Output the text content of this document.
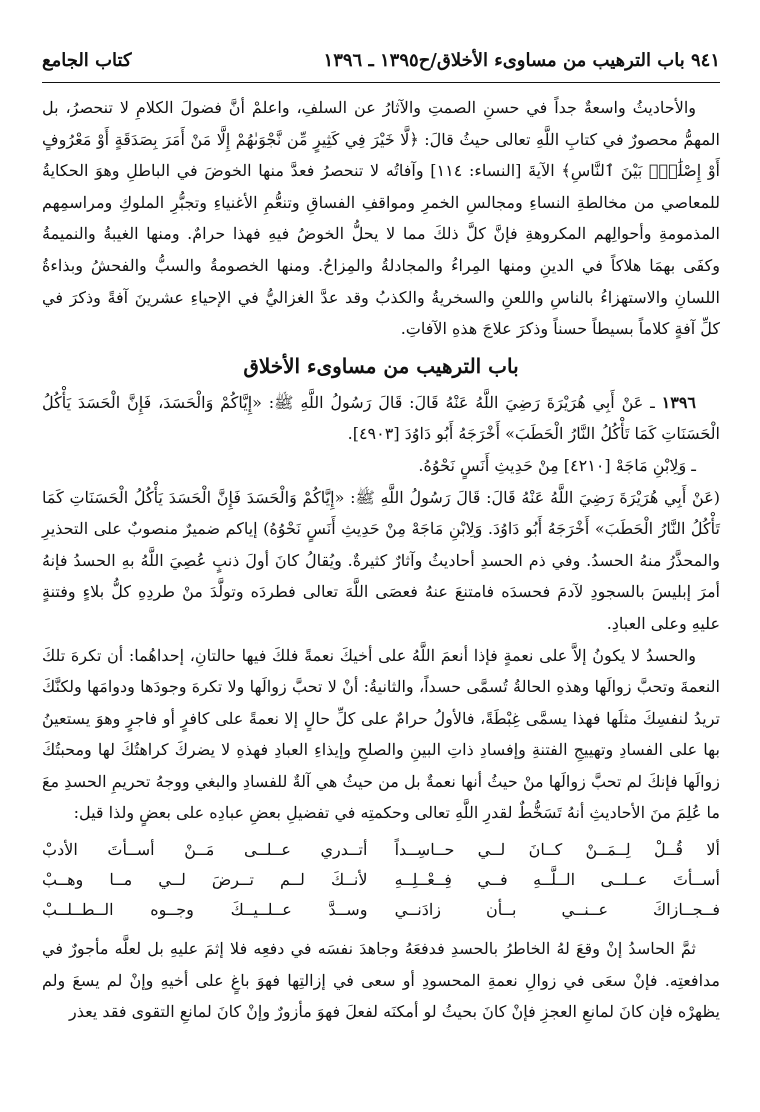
٩٤١ باب الترهيب من مساوىء الأخلاق/ح١٣٩٥ ـ ١٣٩٦
كتاب الجامع

والأحاديثُ واسعةٌ جداً في حسنِ الصمتِ والآثارُ عن السلفِ، واعلمْ أنَّ فضولَ الكلامِ لا تنحصرُ، بل المهمُّ محصورٌ في كتابِ اللَّهِ تعالى حيثُ قالَ: ﴿لَّا خَيْرَ فِي كَثِيرٍ مِّن نَّجْوَىٰهُمْ إِلَّا مَنْ أَمَرَ بِصَدَقَةٍ أَوْ مَعْرُوفٍ أَوْ إِصْلَٰحٍۭ بَيْنَ ٱلنَّاسِ﴾ الآيةَ [النساء: ١١٤] وآفاتُه لا تنحصرُ فعدَّ منها الخوضَ في الباطلِ وهوَ الحكايةُ للمعاصي من مخالطةِ النساءِ ومجالسِ الخمرِ ومواقفِ الفساقِ وتنعُّمِ الأغنياءِ وتجبُّرِ الملوكِ ومراسمِهم المذمومةِ وأحوالِهم المكروهةِ فإنَّ كلَّ ذلكَ مما لا يحلُّ الخوضُ فيهِ فهذا حرامٌ. ومنها الغيبةُ والنميمةُ وكفَى بهمَا هلاكاً في الدينِ ومنها المِراءُ والمجادلةُ والمِزاحُ. ومنها الخصومةُ والسبُّ والفحشُ وبذاءةُ اللسانِ والاستهزاءُ بالناسِ واللعنِ والسخريةُ والكذبُ وقد عدَّ الغزاليُّ في الإحياءِ عشرينَ آفةً وذكرَ في كلِّ آفةٍ كلاماً بسيطاً حسناً وذكرَ علاجَ هذهِ الآفاتِ.

باب الترهيب من مساوىء الأخلاق

١٣٩٦ ـ عَنْ أَبِي هُرَيْرَةَ رَضِيَ اللَّهُ عَنْهُ قَالَ: قَالَ رَسُولُ اللَّهِ ﷺ: «إِيَّاكُمْ وَالْحَسَدَ، فَإِنَّ الْحَسَدَ يَأْكُلُ الْحَسَنَاتِ كَمَا تَأْكُلُ النَّارُ الْحَطَبَ» أَخْرَجَهُ أَبُو دَاوُدَ [٤٩٠٣].

ـ وَلِابْنِ مَاجَهْ [٤٢١٠] مِنْ حَدِيثِ أَنَسٍ نَحْوُهُ.

(عَنْ أَبِي هُرَيْرَةَ رَضِيَ اللَّهُ عَنْهُ قَالَ: قَالَ رَسُولُ اللَّهِ ﷺ: «إِيَّاكُمْ وَالْحَسَدَ فَإِنَّ الْحَسَدَ يَأْكُلُ الْحَسَنَاتِ كَمَا تَأْكُلُ النَّارُ الْحَطَبَ» أَخْرَجَهُ أَبُو دَاوُدَ. وَلِابْنِ مَاجَهْ مِنْ حَدِيثِ أَنَسٍ نَحْوُهُ) إياكم ضميرٌ منصوبٌ على التحذيرِ والمحذَّرُ منهُ الحسدُ. وفي ذم الحسدِ أحاديثُ وآثارٌ كثيرةٌ. ويُقالُ كانَ أولَ ذنبٍ عُصِيَ اللَّهُ بهِ الحسدُ فإنهُ أمرَ إبليسَ بالسجودِ لآدمَ فحسدَه فامتنعَ عنهُ فعصَى اللَّهَ تعالى فطردَه وتولَّدَ منْ طردِهِ كلُّ بلاءٍ وفتنةٍ عليهِ وعلى العبادِ.

والحسدُ لا يكونُ إلاَّ على نعمةٍ فإذا أنعمَ اللَّهُ على أخيكَ نعمةً فلكَ فيها حالتانِ، إحداهُما: أن تكرهَ تلكَ النعمةَ وتحبَّ زوالَها وهذهِ الحالةُ تُسمَّى حسداً، والثانيةُ: أنْ لا تحبَّ زوالَها ولا تكرهَ وجودَها ودوامَها ولكنَّكَ تريدُ لنفسِكَ مثلَها فهذا يسمَّى غِبْطَةً، فالأولُ حرامٌ على كلِّ حالٍ إلا نعمةً على كافرٍ أو فاجرٍ وهوَ يستعينُ بها على الفسادِ وتهييجِ الفتنةِ وإفسادِ ذاتِ البينِ والصلحِ وإيذاءِ العبادِ فهذهِ لا يضركَ كراهتُكَ لها ومحبتُكَ زوالَها فإنكَ لم تحبَّ زوالَها منْ حيثُ أنها نعمةٌ بل من حيثُ هي آلةٌ للفسادِ والبغي ووجهُ تحريمِ الحسدِ معَ ما عُلِمَ منَ الأحاديثِ أنهُ تَسَخُّطٌ لقدرِ اللَّهِ تعالى وحكمتِه في تفضيلِ بعضِ عبادِه على بعضٍ ولذا قيل:

ألا قُــلْ لِــمَــنْ كــانَ لــي حــاسِــداً
أتــدري عــلــى مَــنْ أســأتَ الأدبْ
أســأتَ عــلــى الــلَّــهِ فــي فِــعْــلِــهِ
لأنــكَ لــم تــرضَ لــي مــا وهــبْ
فــجــازاكَ عــنــي بــأن زادَنــي
وســدَّ عــلــيــكَ وجــوه الــطــلــبْ

ثمَّ الحاسدُ إنْ وقعَ لهُ الخاطرُ بالحسدِ فدفعَهُ وجاهدَ نفسَه في دفعِه فلا إثمَ عليهِ بل لعلَّه مأجورٌ في مدافعتِه. فإنْ سعَى في زوالِ نعمةِ المحسودِ أو سعى في إزالتِها فهوَ باغٍ على أخيهِ وإنْ لم يسعَ ولم يظهرْه فإن كانَ لمانعِ العجزِ فإنْ كانَ بحيثُ لو أمكنَه لفعلَ فهوَ مأزورٌ وإنْ كانَ لمانعِ التقوى فقد يعذر
